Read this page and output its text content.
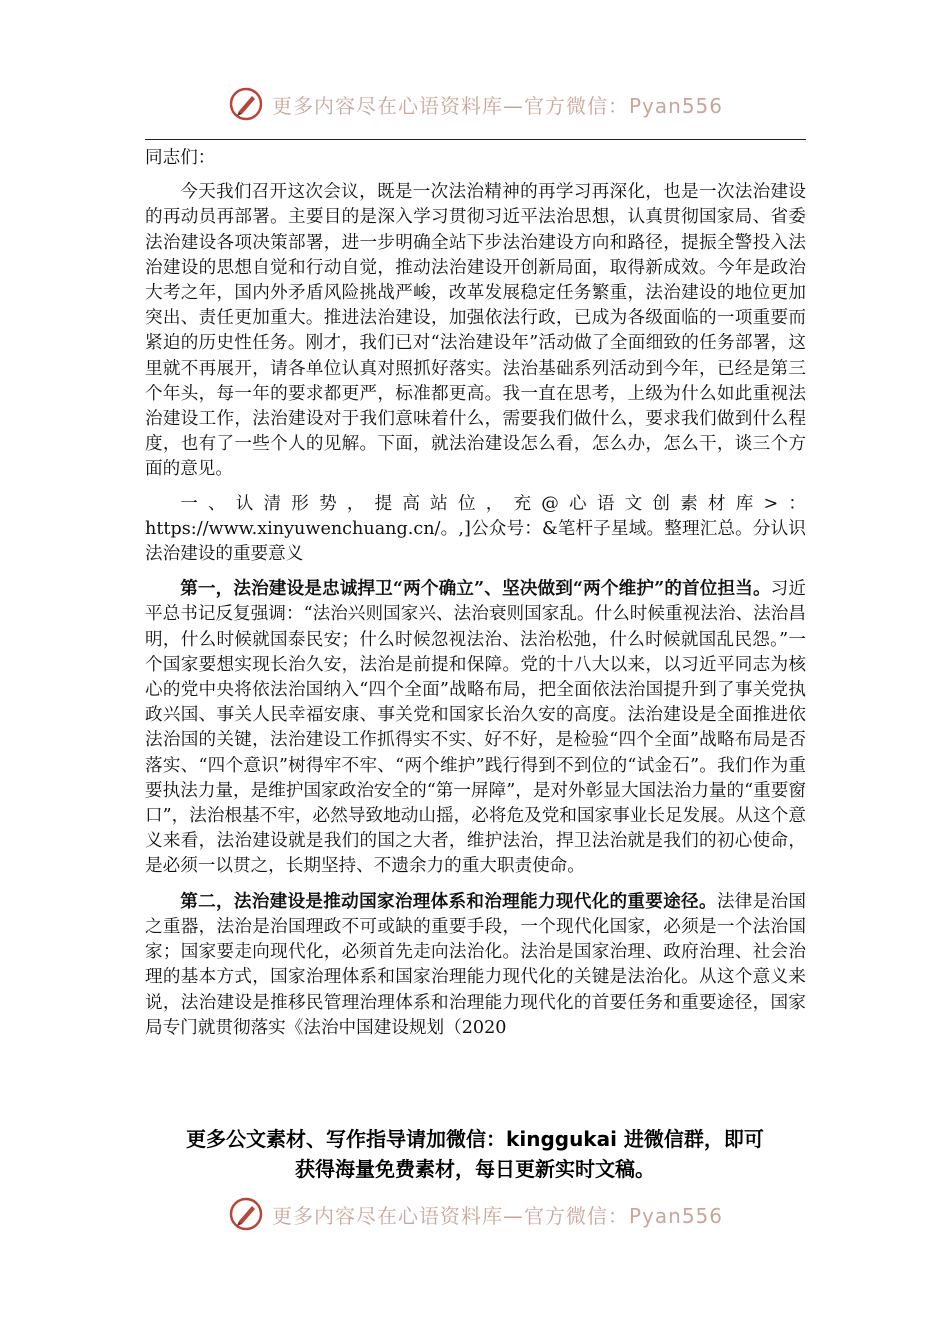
更多内容尽在心语资料库—官方微信：Pyan556

同志们：

今天我们召开这次会议，既是一次法治精神的再学习再深化，也是一次法治建设的再动员再部署。主要目的是深入学习贯彻习近平法治思想，认真贯彻国家局、省委法治建设各项决策部署，进一步明确全站下步法治建设方向和路径，提振全警投入法治建设的思想自觉和行动自觉，推动法治建设开创新局面，取得新成效。今年是政治大考之年，国内外矛盾风险挑战严峻，改革发展稳定任务繁重，法治建设的地位更加突出、责任更加重大。推进法治建设，加强依法行政，已成为各级面临的一项重要而紧迫的历史性任务。刚才，我们已对“法治建设年”活动做了全面细致的任务部署，这里就不再展开，请各单位认真对照抓好落实。法治基础系列活动到今年，已经是第三个年头，每一年的要求都更严，标准都更高。我一直在思考，上级为什么如此重视法治建设工作，法治建设对于我们意味着什么，需要我们做什么，要求我们做到什么程度，也有了一些个人的见解。下面，就法治建设怎么看，怎么办，怎么干，谈三个方面的意见。

一、认清形势，提高站位，充@心语文创素材库>：https://www.xinyuwenchuang.cn/。,]公众号：&笔杆子星域。整理汇总。分认识法治建设的重要意义

第一，法治建设是忠诚捍卫“两个确立”、坚决做到“两个维护”的首位担当。习近平总书记反复强调：“法治兴则国家兴、法治衰则国家乱。什么时候重视法治、法治昌明，什么时候就国泰民安；什么时候忽视法治、法治松弛，什么时候就国乱民怨。”一个国家要想实现长治久安，法治是前提和保障。党的十八大以来，以习近平同志为核心的党中央将依法治国纳入“四个全面”战略布局，把全面依法治国提升到了事关党执政兴国、事关人民幸福安康、事关党和国家长治久安的高度。法治建设是全面推进依法治国的关键，法治建设工作抓得实不实、好不好，是检验“四个全面”战略布局是否落实、“四个意识”树得牢不牢、“两个维护”践行得到不到位的“试金石”。我们作为重要执法力量，是维护国家政治安全的“第一屏障”，是对外彰显大国法治力量的“重要窗口”，法治根基不牢，必然导致地动山摇，必将危及党和国家事业长足发展。从这个意义来看，法治建设就是我们的国之大者，维护法治，捍卫法治就是我们的初心使命，是必须一以贯之，长期坚持、不遗余力的重大职责使命。

第二，法治建设是推动国家治理体系和治理能力现代化的重要途径。法律是治国之重器，法治是治国理政不可或缺的重要手段，一个现代化国家，必须是一个法治国家；国家要走向现代化，必须首先走向法治化。法治是国家治理、政府治理、社会治理的基本方式，国家治理体系和国家治理能力现代化的关键是法治化。从这个意义来说，法治建设是推移民管理治理体系和治理能力现代化的首要任务和重要途径，国家局专门就贯彻落实《法治中国建设规划（2020

更多公文素材、写作指导请加微信：kinggukai 进微信群，即可
获得海量免费素材，每日更新实时文稿。
更多内容尽在心语资料库—官方微信：Pyan556
